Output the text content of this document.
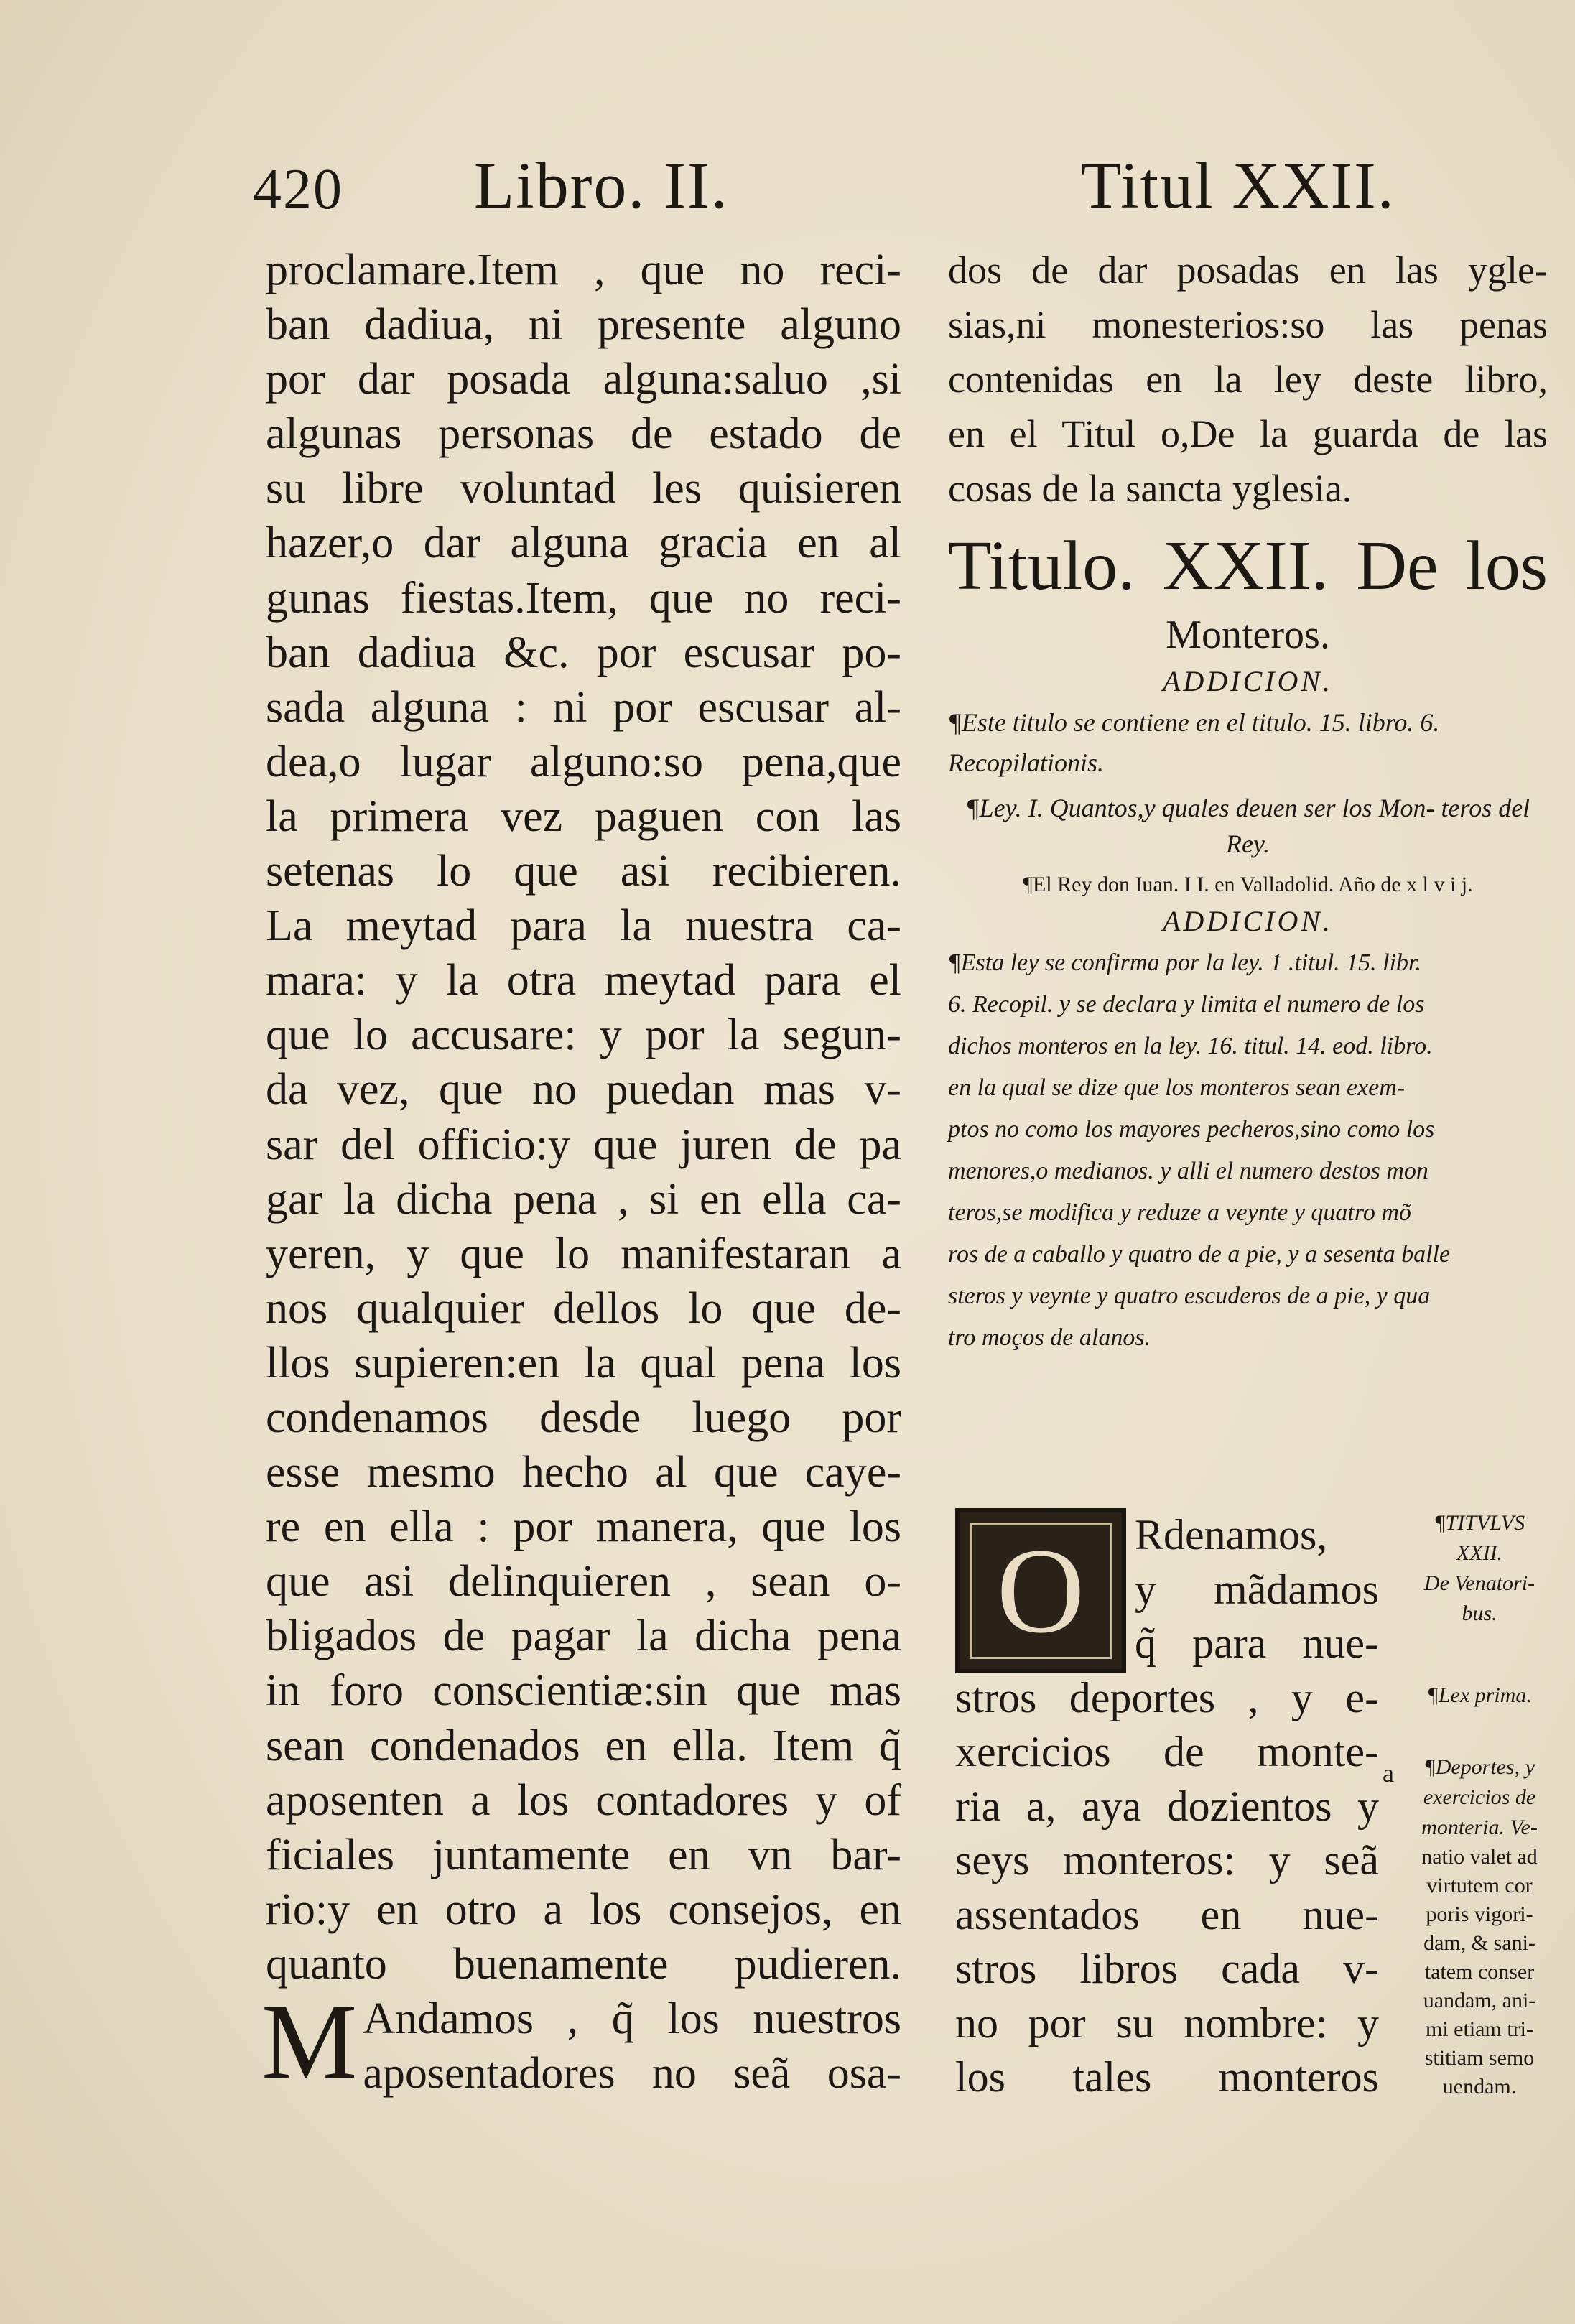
420 Libro. II.	Titul XXII.
proclamare.Item , que no reci-
ban dadiua, ni presente alguno
por dar posada alguna:saluo ,si
algunas personas de estado de
su libre voluntad les quisieren
hazer,o dar alguna gracia en al
gunas fiestas.Item, que no reci-
ban dadiua &c. por escusar po-
sada alguna : ni por escusar al-
dea,o lugar alguno:so pena,que
la primera vez paguen con las
setenas lo que asi recibieren.
La meytad para la nuestra ca-
mara: y la otra meytad para el
que lo accusare: y por la segun-
da vez, que no puedan mas v-
sar del officio:y que juren de pa
gar la dicha pena , si en ella ca-
yeren, y que lo manifestaran a
nos qualquier dellos lo que de-
llos supieren:en la qual pena los
condenamos desde luego por
esse mesmo hecho al que caye-
re en ella : por manera, que los
que asi delinquieren , sean o-
bligados de pagar la dicha pena
in foro conscientiæ:sin que mas
sean condenados en ella. Item q̃
aposenten a los contadores y of
ficiales juntamente en vn bar-
rio:y en otro a los consejos, en
quanto buenamente pudieren.
M Andamos , q̃ los nuestros
aposentadores no seã osa-
dos de dar posadas en las ygle-
sias,ni monesterios:so las penas
contenidas en la ley deste libro,
en el Titul o,De la guarda de las
cosas de la sancta yglesia.
Titulo. XXII. De los
Monteros.
ADDICION.
¶Este titulo se contiene en el titulo. 15. libro. 6. Recopilationis.
¶Ley. I. Quantos,y quales deuen ser los Mon- teros del Rey.
¶El Rey don Iuan. I I. en Valladolid. Año de x l v i j.
ADDICION.
¶Esta ley se confirma por la ley. 1 .titul. 15. libr.
6. Recopil. y se declara y limita el numero de los
dichos monteros en la ley. 16. titul. 14. eod. libro.
en la qual se dize que los monteros sean exem-
ptos no como los mayores pecheros,sino como los
menores,o medianos. y alli el numero destos mon
teros,se modifica y reduze a veynte y quatro mõ
ros de a caballo y quatro de a pie, y a sesenta balle
steros y veynte y quatro escuderos de a pie, y qua
tro moços de alanos.
O Rdenamos,
y mãdamos
q̃ para nue-
stros deportes , y e-
xercicios de monte-
ria a, aya dozientos y
seys monteros: y seã
assentados en nue-
stros libros cada v-
no por su nombre: y
los tales monteros
¶TITVLVS
XXII.
De Venatori- bus.
¶Lex prima.
a	¶Deportes, y exercicios de monteria. Ve-
natio valet ad
virtutem cor
poris vigori-
dam, & sani-
tatem conser
uandam, ani-
mi etiam tri-
stitiam semo
uendam.
